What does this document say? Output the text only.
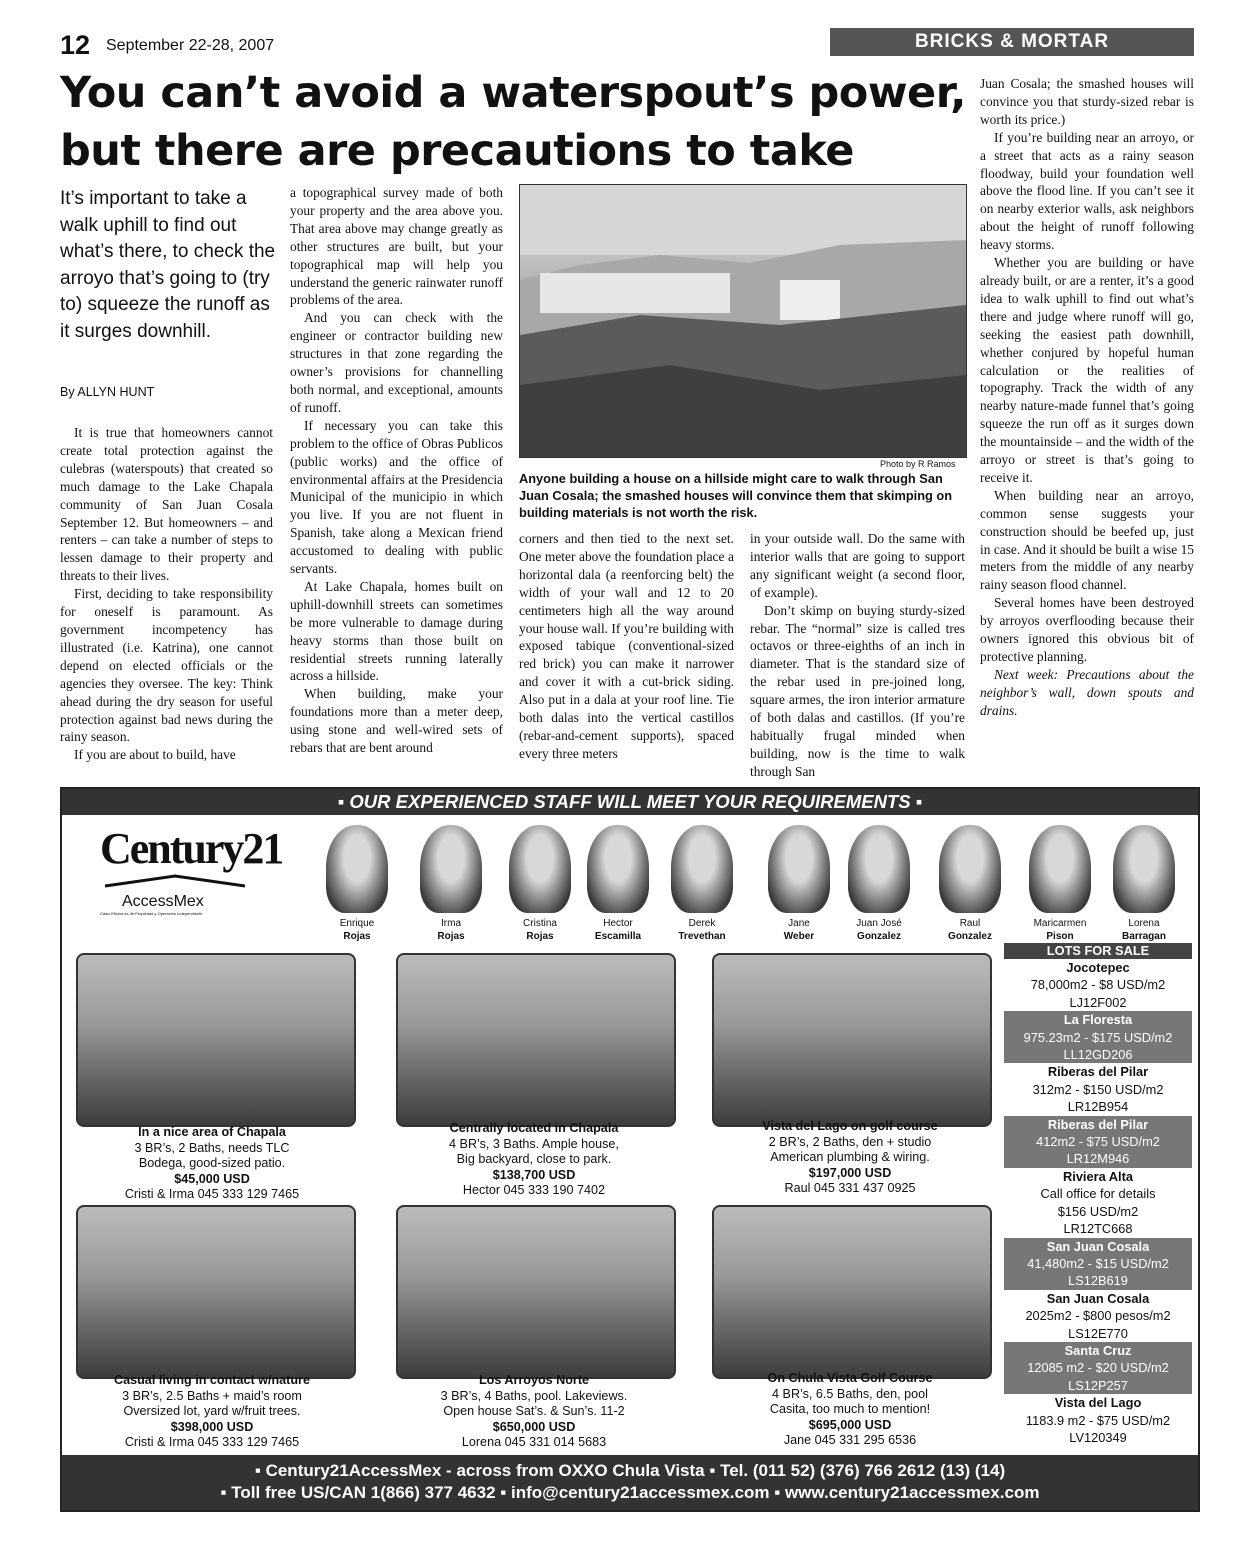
12 September 22-28, 2007	BRICKS & MORTAR
You can’t avoid a waterspout’s power,
but there are precautions to take
It’s important to take a walk uphill to find out what’s there, to check the arroyo that’s going to (try to) squeeze the runoff as it surges downhill.
By ALLYN HUNT

It is true that homeowners cannot create total protection against the culebras (waterspouts) that created so much damage to the Lake Chapala community of San Juan Cosala September 12. But homeowners – and renters – can take a number of steps to lessen damage to their property and threats to their lives.

First, deciding to take responsibility for oneself is paramount. As government incompetency has illustrated (i.e. Katrina), one cannot depend on elected officials or the agencies they oversee. The key: Think ahead during the dry season for useful protection against bad news during the rainy season.

If you are about to build, have

a topographical survey made of both your property and the area above you. That area above may change greatly as other structures are built, but your topographical map will help you understand the generic rainwater runoff problems of the area.

And you can check with the engineer or contractor building new structures in that zone regarding the owner’s provisions for channelling both normal, and exceptional, amounts of runoff.

If necessary you can take this problem to the office of Obras Publicos (public works) and the office of environmental affairs at the Presidencia Municipal of the municipio in which you live. If you are not fluent in Spanish, take along a Mexican friend accustomed to dealing with public servants.

At Lake Chapala, homes built on uphill-downhill streets can sometimes be more vulnerable to damage during heavy storms than those built on residential streets running laterally across a hillside.

When building, make your foundations more than a meter deep, using stone and well-wired sets of rebars that are bent around

Photo by R Ramos
Anyone building a house on a hillside might care to walk through San Juan Cosala; the smashed houses will convince them that skimping on building materials is not worth the risk.

corners and then tied to the next set. One meter above the foundation place a horizontal dala (a reenforcing belt) the width of your wall and 12 to 20 centimeters high all the way around your house wall. If you’re building with exposed tabique (conventional-sized red brick) you can make it narrower and cover it with a cut-brick siding. Also put in a dala at your roof line. Tie both dalas into the vertical castillos (rebar-and-cement supports), spaced every three meters

in your outside wall. Do the same with interior walls that are going to support any significant weight (a second floor, of example).

Don’t skimp on buying sturdy-sized rebar. The “normal” size is called tres octavos or three-eighths of an inch in diameter. That is the standard size of the rebar used in pre-joined long, square armes, the iron interior armature of both dalas and castillos. (If you’re habitually frugal minded when building, now is the time to walk through San

Juan Cosala; the smashed houses will convince you that sturdy-sized rebar is worth its price.)

If you’re building near an arroyo, or a street that acts as a rainy season floodway, build your foundation well above the flood line. If you can’t see it on nearby exterior walls, ask neighbors about the height of runoff following heavy storms.

Whether you are building or have already built, or are a renter, it’s a good idea to walk uphill to find out what’s there and judge where runoff will go, seeking the easiest path downhill, whether conjured by hopeful human calculation or the realities of topography. Track the width of any nearby nature-made funnel that’s going squeeze the run off as it surges down the mountainside – and the width of the arroyo or street is that’s going to receive it.

When building near an arroyo, common sense suggests your construction should be beefed up, just in case. And it should be built a wise 15 meters from the middle of any nearby rainy season flood channel.

Several homes have been destroyed by arroyos overflooding because their owners ignored this obvious bit of protective planning.

Next week: Precautions about the neighbor’s wall, down spouts and drains.

▪ OUR EXPERIENCED STAFF WILL MEET YOUR REQUIREMENTS ▪
Century21
AccessMex
Cada Oficina es de Propiedad y Operación Independiente
Enrique
Rojas
Irma
Rojas
Cristina
Rojas
Hector
Escamilla
Derek
Trevethan
Jane
Weber
Juan José
Gonzalez
Raul
Gonzalez
Maricarmen
Pison
Lorena
Barragan
In a nice area of Chapala
3 BR’s, 2 Baths, needs TLC
Bodega, good-sized patio.
$45,000 USD
Cristi & Irma 045 333 129 7465
Centrally located in Chapala
4 BR’s, 3 Baths. Ample house,
Big backyard, close to park.
$138,700 USD
Hector 045 333 190 7402
Vista del Lago on golf course
2 BR’s, 2 Baths, den + studio
American plumbing & wiring.
$197,000 USD
Raul 045 331 437 0925
Casual living in contact w/nature
3 BR’s, 2.5 Baths + maid’s room
Oversized lot, yard w/fruit trees.
$398,000 USD
Cristi & Irma 045 333 129 7465
Los Arroyos Norte
3 BR’s, 4 Baths, pool. Lakeviews.
Open house Sat’s. & Sun’s. 11-2
$650,000 USD
Lorena 045 331 014 5683
On Chula Vista Golf Course
4 BR’s, 6.5 Baths, den, pool
Casita, too much to mention!
$695,000 USD
Jane 045 331 295 6536
LOTS FOR SALE
Jocotepec
78,000m2 - $8 USD/m2
LJ12F002
La Floresta
975.23m2 - $175 USD/m2
LL12GD206
Riberas del Pilar
312m2 - $150 USD/m2
LR12B954
Riberas del Pilar
412m2 - $75 USD/m2
LR12M946
Riviera Alta
Call office for details
$156 USD/m2
LR12TC668
San Juan Cosala
41,480m2 - $15 USD/m2
LS12B619
San Juan Cosala
2025m2 - $800 pesos/m2
LS12E770
Santa Cruz
12085 m2 - $20 USD/m2
LS12P257
Vista del Lago
1183.9 m2 - $75 USD/m2
LV120349
▪ Century21AccessMex - across from OXXO Chula Vista ▪ Tel. (011 52) (376) 766 2612 (13) (14)
▪ Toll free US/CAN 1(866) 377 4632 ▪ info@century21accessmex.com ▪ www.century21accessmex.com
